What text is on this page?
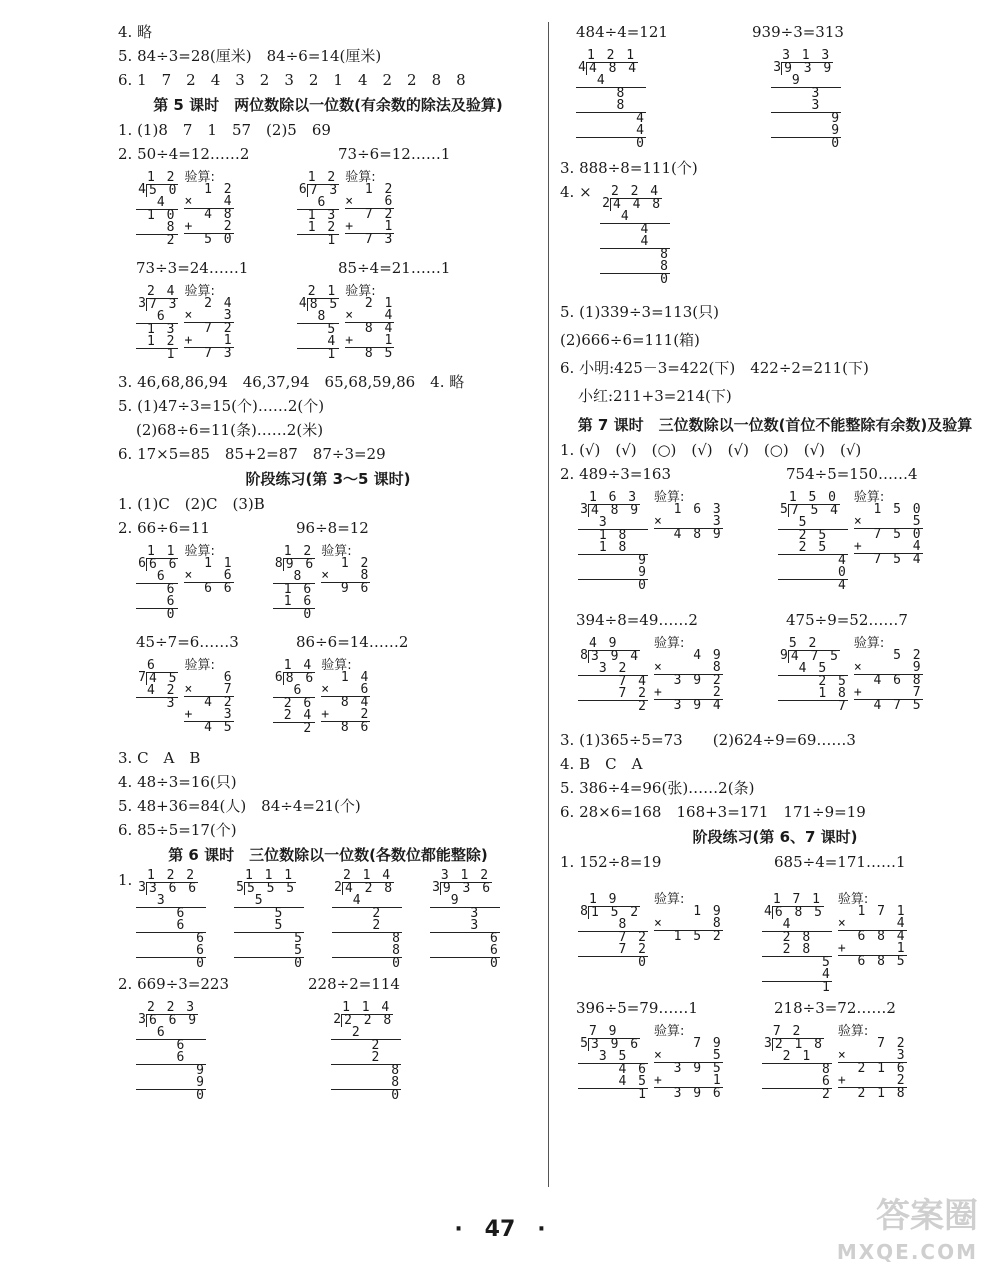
4. 略
5. 84÷3=28(厘米)　84÷6=14(厘米)
6. 1　7　2　4　3　2　3　2　1　4　2　2　8　8
第 5 课时　两位数除以一位数(有余数的除法及验算)
1. (1)8　7　1　57　(2)5　69
2. 50÷4=12……2	73÷6=12……1
1 2
4 5 0
4
1 0
8
2
验算:
1 2
×   4
4 8
+   2
5 0

1 2
6 7 3
6
1 3
1 2
1
验算:
1 2
×   6
7 2
+   1
7 3
73÷3=24……1	85÷4=21……1
2 4
3 7 3
6
1 3
1 2
1
验算:
2 4
×   3
7 2
+   1
7 3

2 1
4 8 5
8
5
4
1
验算:
2 1
×   4
8 4
+   1
8 5
3. 46,68,86,94　46,37,94　65,68,59,86　4. 略
5. (1)47÷3=15(个)……2(个)
(2)68÷6=11(条)……2(米)
6. 17×5=85　85+2=87　87÷3=29
阶段练习(第 3～5 课时)
1. (1)C　(2)C　(3)B
2. 66÷6=11	96÷8=12
1 1
6 6 6
6
6
6
0
验算:
1 1
×   6
6 6

1 2
8 9 6
8
1 6
1 6
0
验算:
1 2
×   8
9 6
45÷7=6……3	86÷6=14……2
6
7 4 5
4 2
3
验算:
6
×   7
4 2
+   3
4 5

1 4
6 8 6
6
2 6
2 4
2
验算:
1 4
×   6
8 4
+   2
8 6
3. C　A　B
4. 48÷3=16(只)
5. 48+36=84(人)　84÷4=21(个)
6. 85÷5=17(个)
第 6 课时　三位数除以一位数(各数位都能整除)
1.	1 2 2
3 3 6 6
3
6
6
6
6
0
1 1 1
5 5 5 5
5
5
5
5
5
0
2 1 4
2 4 2 8
4
2
2
8
8
0
3 1 2
3 9 3 6
9
3
3
6
6
0
2. 669÷3=223	228÷2=114
2 2 3
3 6 6 9
6
6
6
9
9
0

1 1 4
2 2 2 8
2
2
2
8
8
0
484÷4=121	939÷3=313
1 2 1
4 4 8 4
4
8
8
4
4
0

3 1 3
3 9 3 9
9
3
3
9
9
0
3. 888÷8=111(个)
4. ×	2 2 4
2 4 4 8
4
4
4
8
8
0
5. (1)339÷3=113(只)
(2)666÷6=111(箱)
6. 小明:425－3=422(下)　422÷2=211(下)
小红:211+3=214(下)
第 7 课时　三位数除以一位数(首位不能整除有余数)及验算
1. (√)　(√)　(○)　(√)　(√)　(○)　(√)　(√)
2. 489÷3=163	754÷5=150……4
1 6 3
3 4 8 9
3
1 8
1 8
9
9
0
验算:
1 6 3
×     3
4 8 9

1 5 0
5 7 5 4
5
2 5
2 5
4
0
4
验算:
1 5 0
×     5
7 5 0
+     4
7 5 4
394÷8=49……2	475÷9=52……7
4 9
8 3 9 4
3 2
7 4
7 2
2
验算:
4 9
×     8
3 9 2
+     2
3 9 4

5 2
9 4 7 5
4 5
2 5
1 8
7
验算:
5 2
×     9
4 6 8
+     7
4 7 5
3. (1)365÷5=73　　(2)624÷9=69……3
4. B　C　A
5. 386÷4=96(张)……2(条)
6. 28×6=168　168+3=171　171÷9=19
阶段练习(第 6、7 课时)
1. 152÷8=19	685÷4=171……1
1 9
8 1 5 2
8
7 2
7 2
0
验算:
1 9
×     8
1 5 2

1 7 1
4 6 8 5
4
2 8
2 8
5
4
1
验算:
1 7 1
×     4
6 8 4
+     1
6 8 5
396÷5=79……1	218÷3=72……2
7 9
5 3 9 6
3 5
4 6
4 5
1
验算:
7 9
×     5
3 9 5
+     1
3 9 6

7 2
3 2 1 8
2 1
8
6
2
验算:
7 2
×     3
2 1 6
+     2
2 1 8
·　47　·	答案圈
MXQE.COM
